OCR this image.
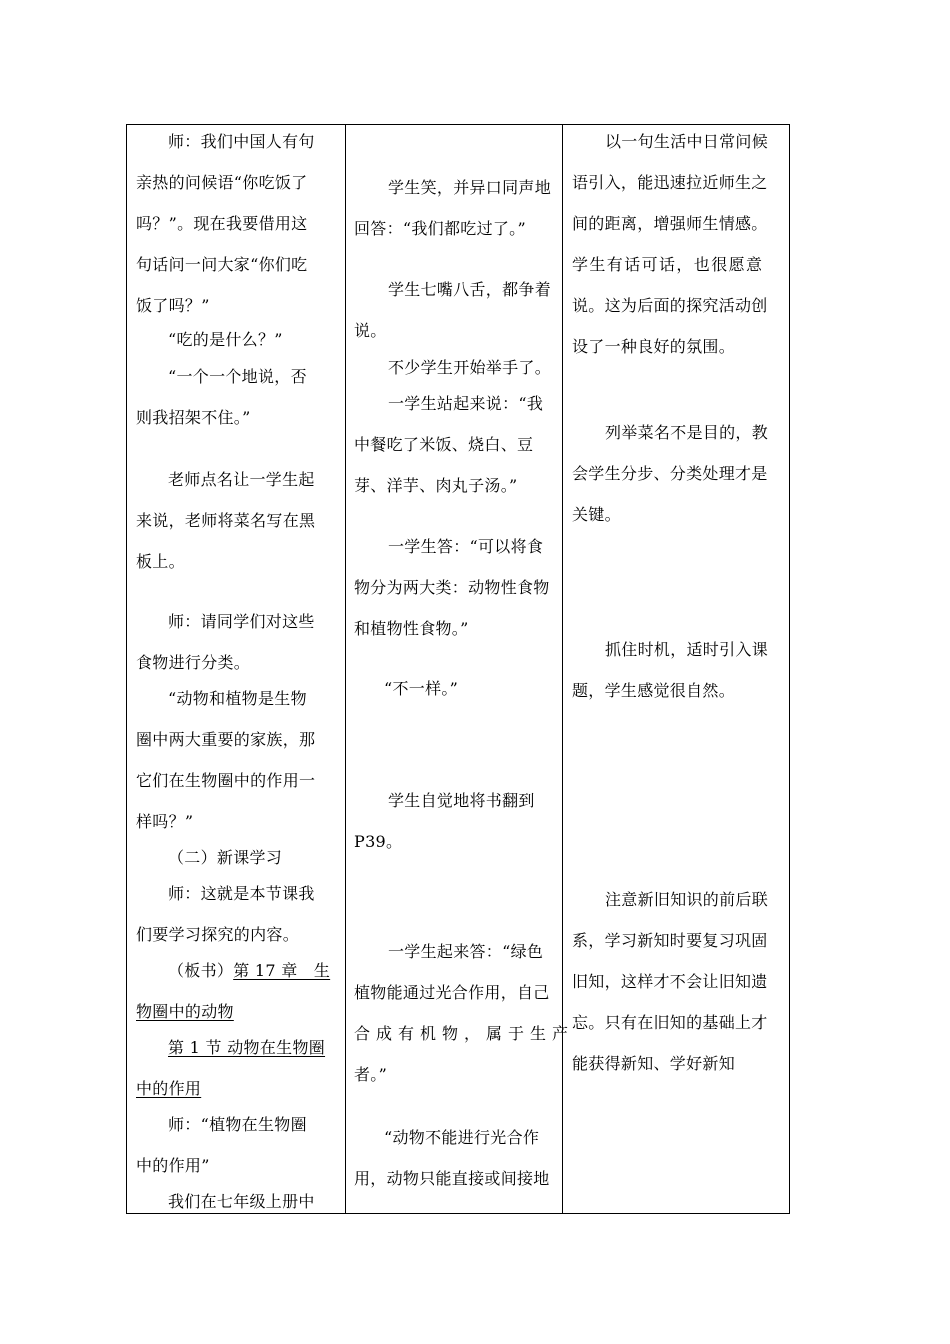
师：我们中国人有句
亲热的问候语“你吃饭了
吗？”。现在我要借用这
句话问一问大家“你们吃
饭了吗？”
“吃的是什么？”
“一个一个地说，否
则我招架不住。”
老师点名让一学生起
来说，老师将菜名写在黑
板上。
师：请同学们对这些
食物进行分类。
“动物和植物是生物
圈中两大重要的家族，那
它们在生物圈中的作用一
样吗？”
（二）新课学习
师：这就是本节课我
们要学习探究的内容。
（板书）第 17 章　生
物圈中的动物
第 1 节 动物在生物圈
中的作用
师：“植物在生物圈
中的作用”
我们在七年级上册中
学生笑，并异口同声地
回答：“我们都吃过了。”
学生七嘴八舌，都争着
说。
不少学生开始举手了。
一学生站起来说：“我
中餐吃了米饭、烧白、豆
芽、洋芋、肉丸子汤。”
一学生答：“可以将食
物分为两大类：动物性食物
和植物性食物。”
“不一样。”
学生自觉地将书翻到
P39。
一学生起来答：“绿色
植物能通过光合作用，自己
合成有机物，属于生产
者。”
“动物不能进行光合作
用，动物只能直接或间接地
以一句生活中日常问候
语引入，能迅速拉近师生之
间的距离，增强师生情感。
学生有话可话，也很愿意
说。这为后面的探究活动创
设了一种良好的氛围。
列举菜名不是目的，教
会学生分步、分类处理才是
关键。
抓住时机，适时引入课
题，学生感觉很自然。
注意新旧知识的前后联
系，学习新知时要复习巩固
旧知，这样才不会让旧知遗
忘。只有在旧知的基础上才
能获得新知、学好新知
